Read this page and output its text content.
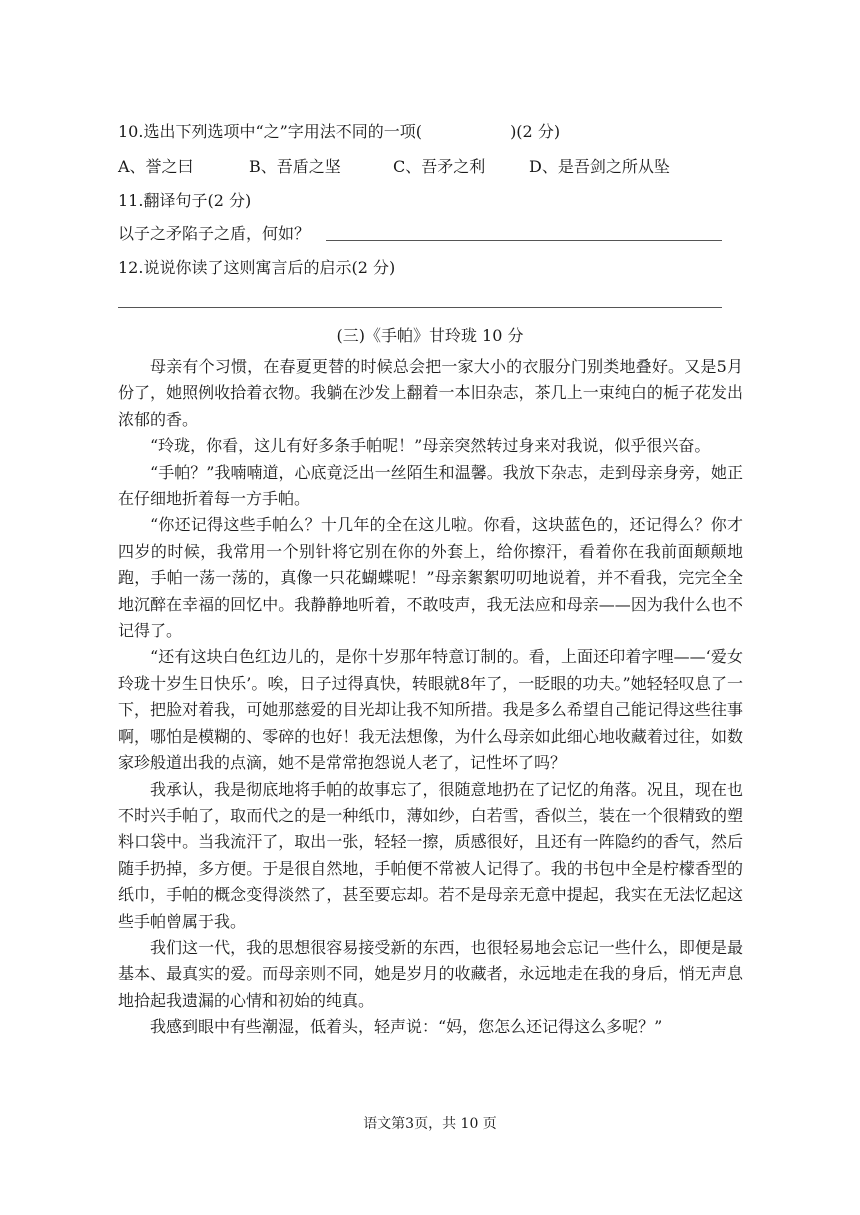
10.选出下列选项中“之”字用法不同的一项(	)(2 分)
A、誉之曰	B、吾盾之坚	C、吾矛之利	D、是吾剑之所从坠
11.翻译句子(2 分)
以子之矛陷子之盾，何如？
12.说说你读了这则寓言后的启示(2 分)
(三)《手帕》甘玲珑 10 分

母亲有个习惯，在春夏更替的时候总会把一家大小的衣服分门别类地叠好。又是5月份了，她照例收拾着衣物。我躺在沙发上翻着一本旧杂志，茶几上一束纯白的栀子花发出浓郁的香。

“玲珑，你看，这儿有好多条手帕呢！”母亲突然转过身来对我说，似乎很兴奋。

“手帕？”我喃喃道，心底竟泛出一丝陌生和温馨。我放下杂志，走到母亲身旁，她正在仔细地折着每一方手帕。

“你还记得这些手帕么？十几年的全在这儿啦。你看，这块蓝色的，还记得么？你才四岁的时候，我常用一个别针将它别在你的外套上，给你擦汗，看着你在我前面颠颠地跑，手帕一荡一荡的，真像一只花蝴蝶呢！”母亲絮絮叨叨地说着，并不看我，完完全全地沉醉在幸福的回忆中。我静静地听着，不敢吱声，我无法应和母亲——因为我什么也不记得了。

“还有这块白色红边儿的，是你十岁那年特意订制的。看，上面还印着字哩——‘爱女玲珑十岁生日快乐’。唉，日子过得真快，转眼就8年了，一眨眼的功夫。”她轻轻叹息了一下，把脸对着我，可她那慈爱的目光却让我不知所措。我是多么希望自己能记得这些往事啊，哪怕是模糊的、零碎的也好！我无法想像，为什么母亲如此细心地收藏着过往，如数家珍般道出我的点滴，她不是常常抱怨说人老了，记性坏了吗？

我承认，我是彻底地将手帕的故事忘了，很随意地扔在了记忆的角落。况且，现在也不时兴手帕了，取而代之的是一种纸巾，薄如纱，白若雪，香似兰，装在一个很精致的塑料口袋中。当我流汗了，取出一张，轻轻一擦，质感很好，且还有一阵隐约的香气，然后随手扔掉，多方便。于是很自然地，手帕便不常被人记得了。我的书包中全是柠檬香型的纸巾，手帕的概念变得淡然了，甚至要忘却。若不是母亲无意中提起，我实在无法忆起这些手帕曾属于我。

我们这一代，我的思想很容易接受新的东西，也很轻易地会忘记一些什么，即便是最基本、最真实的爱。而母亲则不同，她是岁月的收藏者，永远地走在我的身后，悄无声息地拾起我遗漏的心情和初始的纯真。

我感到眼中有些潮湿，低着头，轻声说：“妈，您怎么还记得这么多呢？”

语文第3页，共 10 页
